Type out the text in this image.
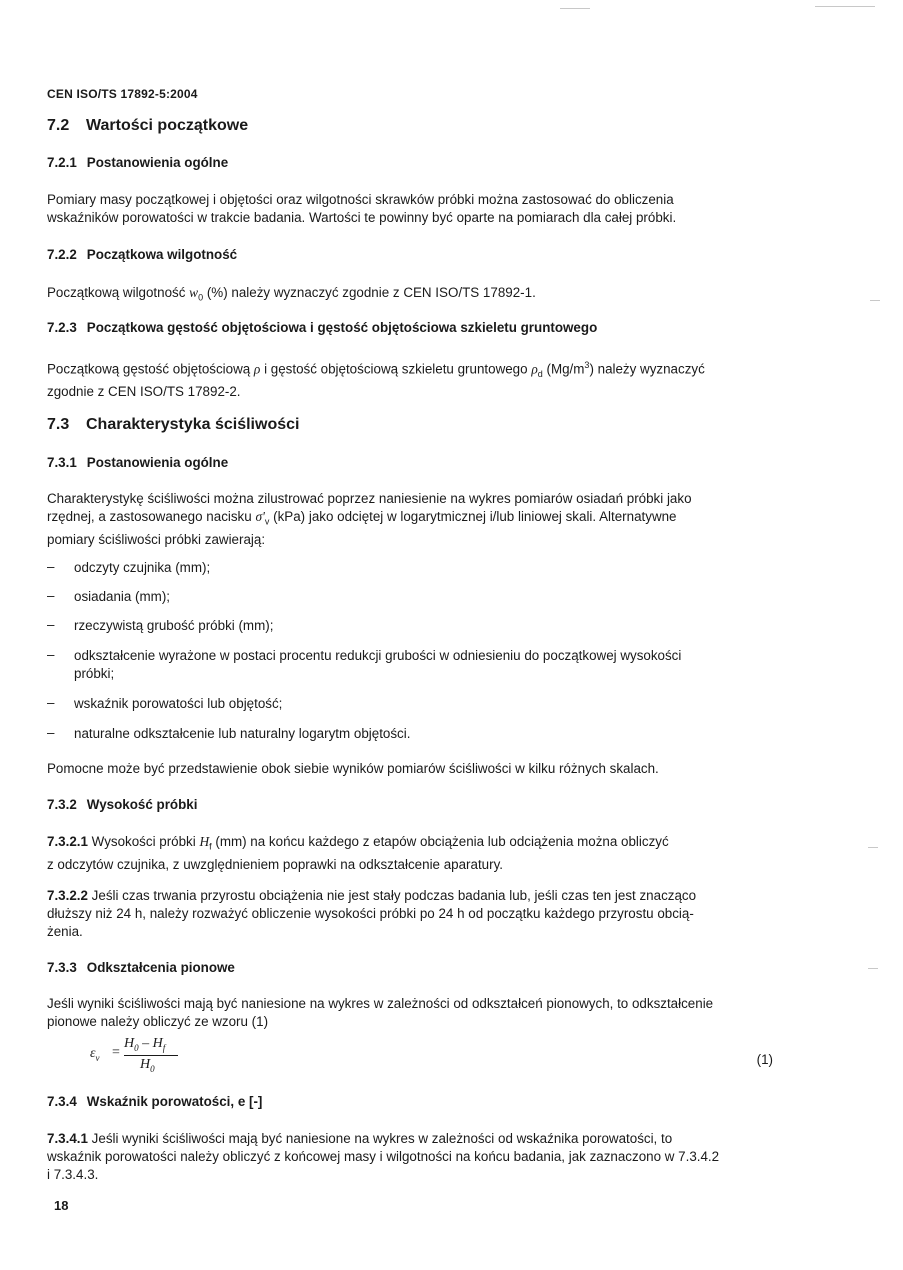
CEN ISO/TS 17892-5:2004
7.2 Wartości początkowe
7.2.1 Postanowienia ogólne
Pomiary masy początkowej i objętości oraz wilgotności skrawków próbki można zastosować do obliczenia
wskaźników porowatości w trakcie badania. Wartości te powinny być oparte na pomiarach dla całej próbki.
7.2.2 Początkowa wilgotność
Początkową wilgotność $w_0$ (%) należy wyznaczyć zgodnie z CEN ISO/TS 17892-1.
7.2.3 Początkowa gęstość objętościowa i gęstość objętościowa szkieletu gruntowego
Początkową gęstość objętościową ρ i gęstość objętościową szkieletu gruntowego $\rho_d$ $(Mg/m^3)$ należy wyznaczyć
zgodnie z CEN ISO/TS 17892-2.
7.3 Charakterystyka ściśliwości
7.3.1 Postanowienia ogólne
Charakterystykę ściśliwości można zilustrować poprzez naniesienie na wykres pomiarów osiadań próbki jako
rzędnej, a zastosowanego nacisku $\sigma'_v$ (kPa) jako odciętej w logarytmicznej i/lub liniowej skali. Alternatywne
pomiary ściśliwości próbki zawierają:
– odczyty czujnika (mm);
– osiadania (mm);
– rzeczywistą grubość próbki (mm);
– odkształcenie wyrażone w postaci procentu redukcji grubości w odniesieniu do początkowej wysokości
próbki;
– wskaźnik porowatości lub objętość;
– naturalne odkształcenie lub naturalny logarytm objętości.
Pomocne może być przedstawienie obok siebie wyników pomiarów ściśliwości w kilku różnych skalach.
7.3.2 Wysokość próbki
7.3.2.1 Wysokości próbki $H_f$ (mm) na końcu każdego z etapów obciążenia lub odciążenia można obliczyć
z odczytów czujnika, z uwzględnieniem poprawki na odkształcenie aparatury.
7.3.2.2 Jeśli czas trwania przyrostu obciążenia nie jest stały podczas badania lub, jeśli czas ten jest znacząco
dłuższy niż 24 h, należy rozważyć obliczenie wysokości próbki po 24 h od początku każdego przyrostu obcią-
żenia.
7.3.3 Odkształcenia pionowe
Jeśli wyniki ściśliwości mają być naniesione na wykres w zależności od odkształceń pionowych, to odkształcenie
pionowe należy obliczyć ze wzoru (1)
$\varepsilon_v$ =
$H_0 - H_f$
$H_0$
(1)
7.3.4 Wskaźnik porowatości, e [-]
7.3.4.1 Jeśli wyniki ściśliwości mają być naniesione na wykres w zależności od wskaźnika porowatości, to
wskaźnik porowatości należy obliczyć z końcowej masy i wilgotności na końcu badania, jak zaznaczono w 7.3.4.2
i 7.3.4.3.
18
